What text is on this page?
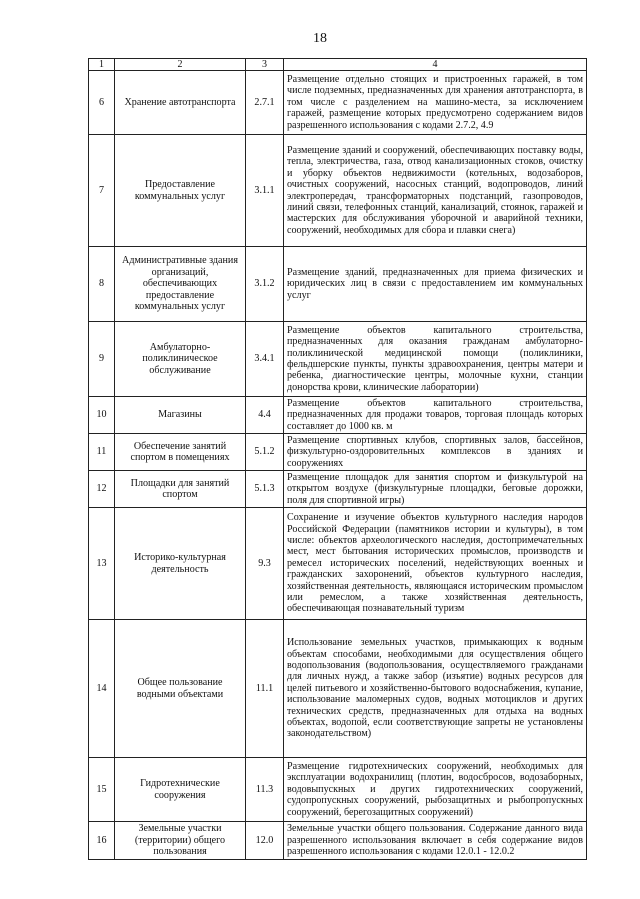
18
1	2	3	4
6	Хранение автотранспорта	2.7.1	Размещение отдельно стоящих и пристроенных гаражей, в том числе подземных, предназначенных для хранения автотранспорта, в том числе с разделением на машино-места, за исключением гаражей, размещение которых предусмотрено содержанием видов разрешенного использования с кодами 2.7.2, 4.9
7	Предоставление коммунальных услуг	3.1.1	Размещение зданий и сооружений, обеспечивающих поставку воды, тепла, электричества, газа, отвод канализационных стоков, очистку и уборку объектов недвижимости (котельных, водозаборов, очистных сооружений, насосных станций, водопроводов, линий электропередач, трансформаторных подстанций, газопроводов, линий связи, телефонных станций, канализаций, стоянок, гаражей и мастерских для обслуживания уборочной и аварийной техники, сооружений, необходимых для сбора и плавки снега)
8	Административные здания организаций, обеспечивающих предоставление коммунальных услуг	3.1.2	Размещение зданий, предназначенных для приема физических и юридических лиц в связи с предоставлением им коммунальных услуг
9	Амбулаторно-поликлиническое обслуживание	3.4.1	Размещение объектов капитального строительства, предназначенных для оказания гражданам амбулаторно-поликлинической медицинской помощи (поликлиники, фельдшерские пункты, пункты здравоохранения, центры матери и ребенка, диагностические центры, молочные кухни, станции донорства крови, клинические лаборатории)
10	Магазины	4.4	Размещение объектов капитального строительства, предназначенных для продажи товаров, торговая площадь которых составляет до 1000 кв. м
11	Обеспечение занятий спортом в помещениях	5.1.2	Размещение спортивных клубов, спортивных залов, бассейнов, физкультурно-оздоровительных комплексов в зданиях и сооружениях
12	Площадки для занятий спортом	5.1.3	Размещение площадок для занятия спортом и физкультурой на открытом воздухе (физкультурные площадки, беговые дорожки, поля для спортивной игры)
13	Историко-культурная деятельность	9.3	Сохранение и изучение объектов культурного наследия народов Российской Федерации (памятников истории и культуры), в том числе: объектов археологического наследия, достопримечательных мест, мест бытования исторических промыслов, производств и ремесел исторических поселений, недействующих военных и гражданских захоронений, объектов культурного наследия, хозяйственная деятельность, являющаяся историческим промыслом или ремеслом, а также хозяйственная деятельность, обеспечивающая познавательный туризм
14	Общее пользование водными объектами	11.1	Использование земельных участков, примыкающих к водным объектам способами, необходимыми для осуществления общего водопользования (водопользования, осуществляемого гражданами для личных нужд, а также забор (изъятие) водных ресурсов для целей питьевого и хозяйственно-бытового водоснабжения, купание, использование маломерных судов, водных мотоциклов и других технических средств, предназначенных для отдыха на водных объектах, водопой, если соответствующие запреты не установлены законодательством)
15	Гидротехнические сооружения	11.3	Размещение гидротехнических сооружений, необходимых для эксплуатации водохранилищ (плотин, водосбросов, водозаборных, водовыпускных и других гидротехнических сооружений, судопропускных сооружений, рыбозащитных и рыбопропускных сооружений, берегозащитных сооружений)
16	Земельные участки (территории) общего пользования	12.0	Земельные участки общего пользования. Содержание данного вида разрешенного использования включает в себя содержание видов разрешенного использования с кодами 12.0.1 - 12.0.2
